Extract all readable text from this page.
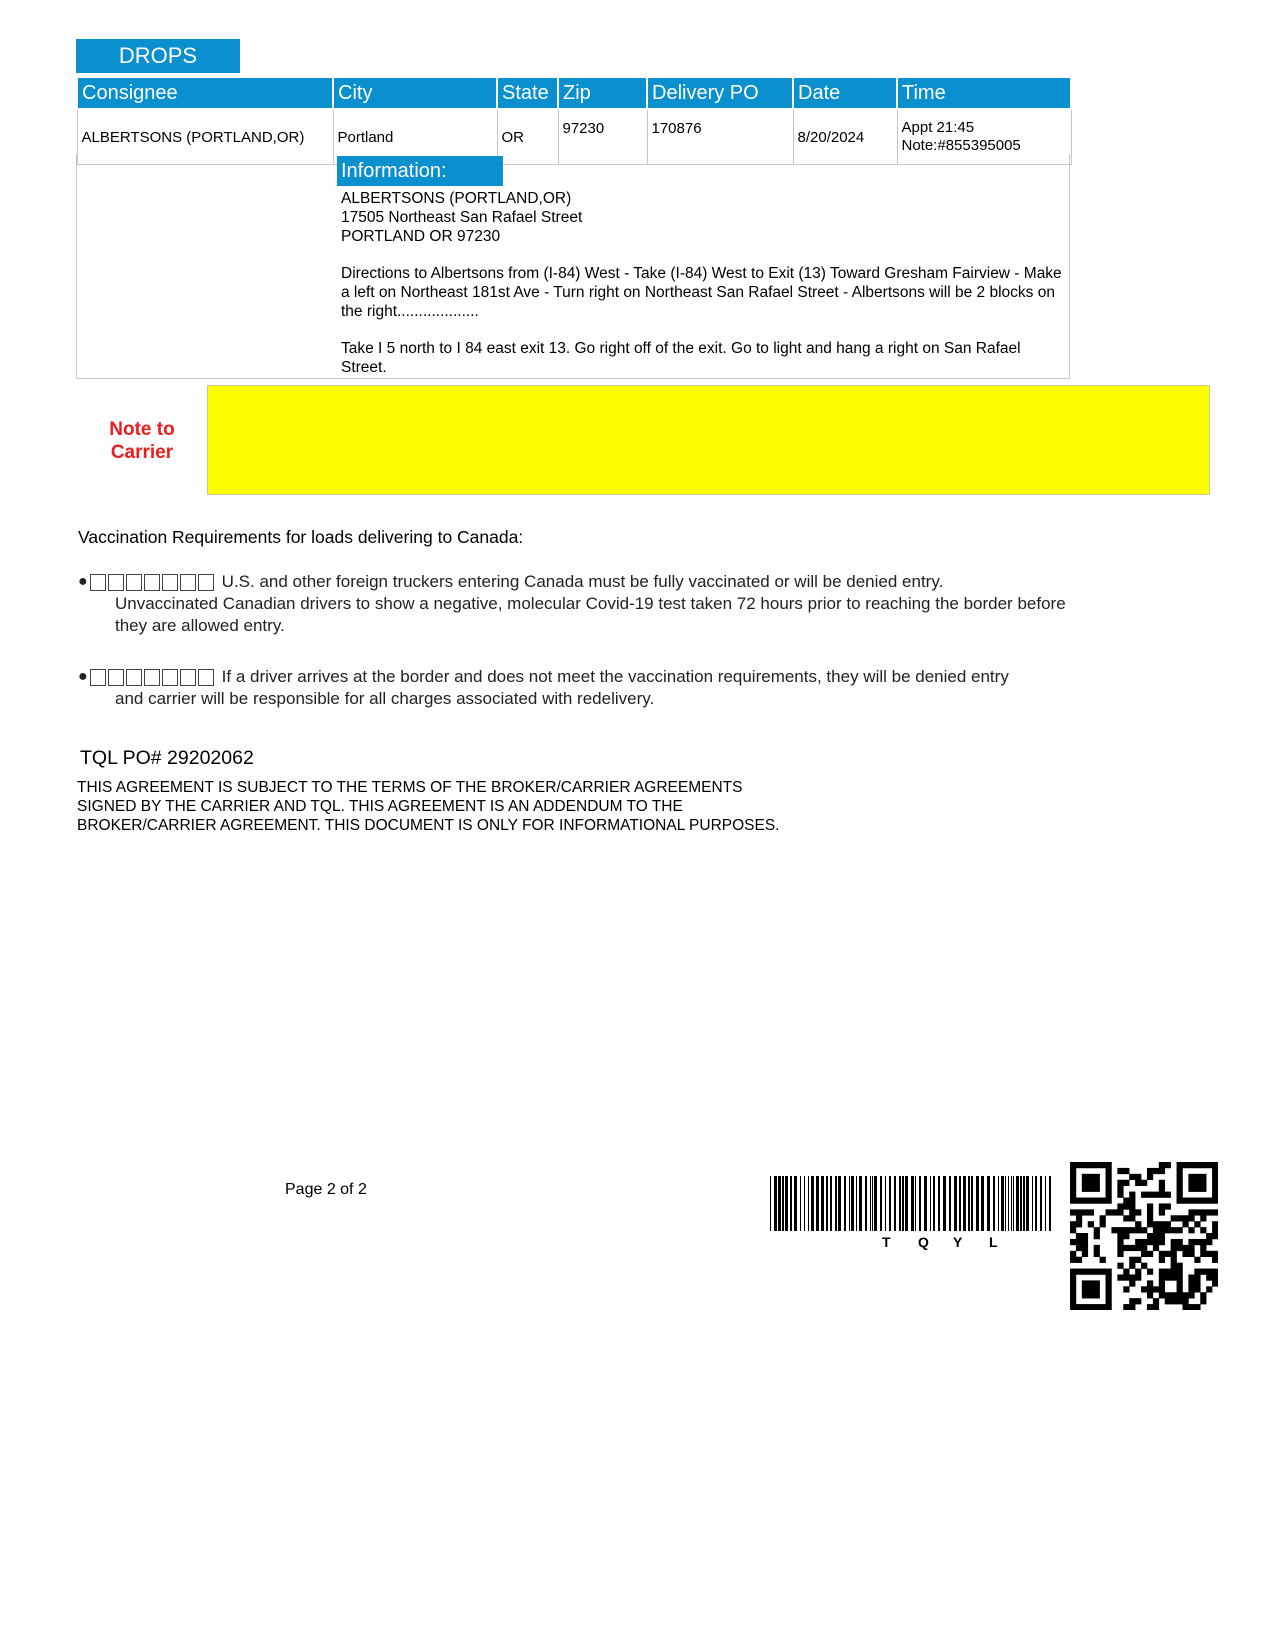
DROPS
Consignee	City	State	Zip	Delivery PO	Date	Time
ALBERTSONS (PORTLAND,OR)	Portland	OR	97230	170876	8/20/2024	Appt 21:45
Note:#855395005
Information:

ALBERTSONS (PORTLAND,OR)
17505 Northeast San Rafael Street
PORTLAND OR 97230

Directions to Albertsons from (I-84) West - Take (I-84) West to Exit (13) Toward Gresham Fairview - Make a left on Northeast 181st Ave - Turn right on Northeast San Rafael Street - Albertsons will be 2 blocks on the right...................

Take I 5 north to I 84 east exit 13. Go right off of the exit. Go to light and hang a right on San Rafael Street.

Note to
Carrier
Vaccination Requirements for loads delivering to Canada:
●	U.S. and other foreign truckers entering Canada must be fully vaccinated or will be denied entry.
Unvaccinated Canadian drivers to show a negative, molecular Covid-19 test taken 72 hours prior to reaching the border before they are allowed entry.
●	If a driver arrives at the border and does not meet the vaccination requirements, they will be denied entry
and carrier will be responsible for all charges associated with redelivery.
TQL PO# 29202062
THIS AGREEMENT IS SUBJECT TO THE TERMS OF THE BROKER/CARRIER AGREEMENTS SIGNED BY THE CARRIER AND TQL. THIS AGREEMENT IS AN ADDENDUM TO THE BROKER/CARRIER AGREEMENT. THIS DOCUMENT IS ONLY FOR INFORMATIONAL PURPOSES.
Page 2 of 2
T Q Y L
